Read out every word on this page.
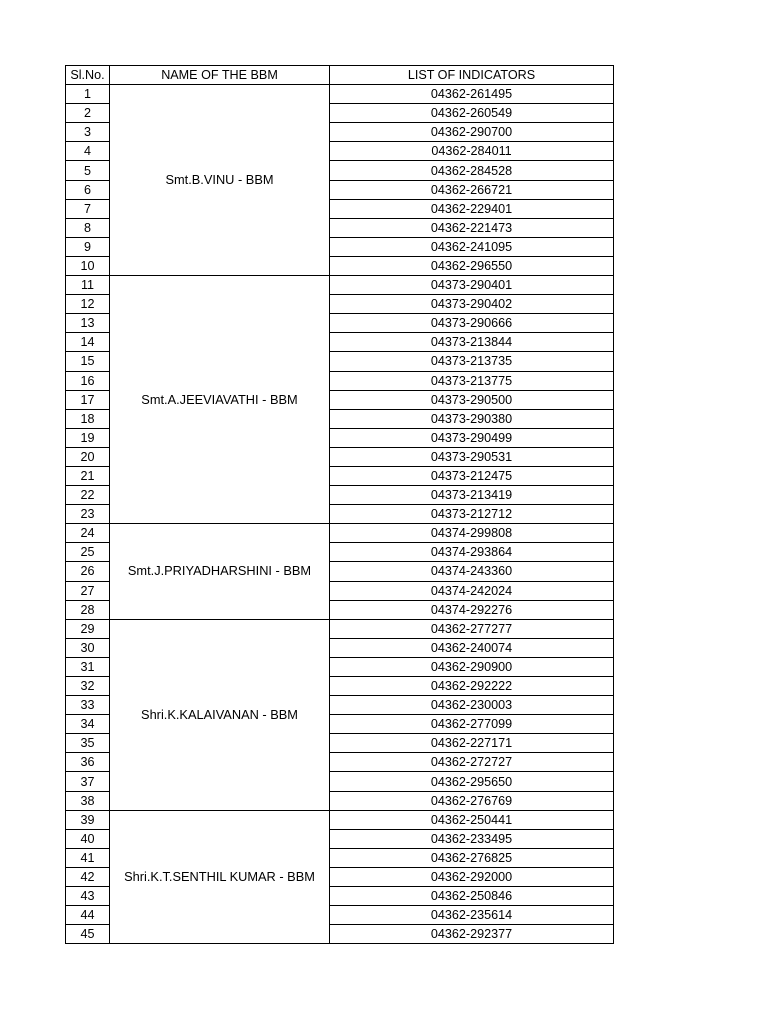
Sl.No.	NAME OF THE BBM	LIST OF INDICATORS
1	Smt.B.VINU - BBM	04362-261495
2		04362-260549
3		04362-290700
4		04362-284011
5		04362-284528
6		04362-266721
7		04362-229401
8		04362-221473
9		04362-241095
10		04362-296550
11	Smt.A.JEEVIAVATHI - BBM	04373-290401
12		04373-290402
13		04373-290666
14		04373-213844
15		04373-213735
16		04373-213775
17		04373-290500
18		04373-290380
19		04373-290499
20		04373-290531
21		04373-212475
22		04373-213419
23		04373-212712
24	Smt.J.PRIYADHARSHINI - BBM	04374-299808
25		04374-293864
26		04374-243360
27		04374-242024
28		04374-292276
29	Shri.K.KALAIVANAN - BBM	04362-277277
30		04362-240074
31		04362-290900
32		04362-292222
33		04362-230003
34		04362-277099
35		04362-227171
36		04362-272727
37		04362-295650
38		04362-276769
39	Shri.K.T.SENTHIL KUMAR - BBM	04362-250441
40		04362-233495
41		04362-276825
42		04362-292000
43		04362-250846
44		04362-235614
45		04362-292377
